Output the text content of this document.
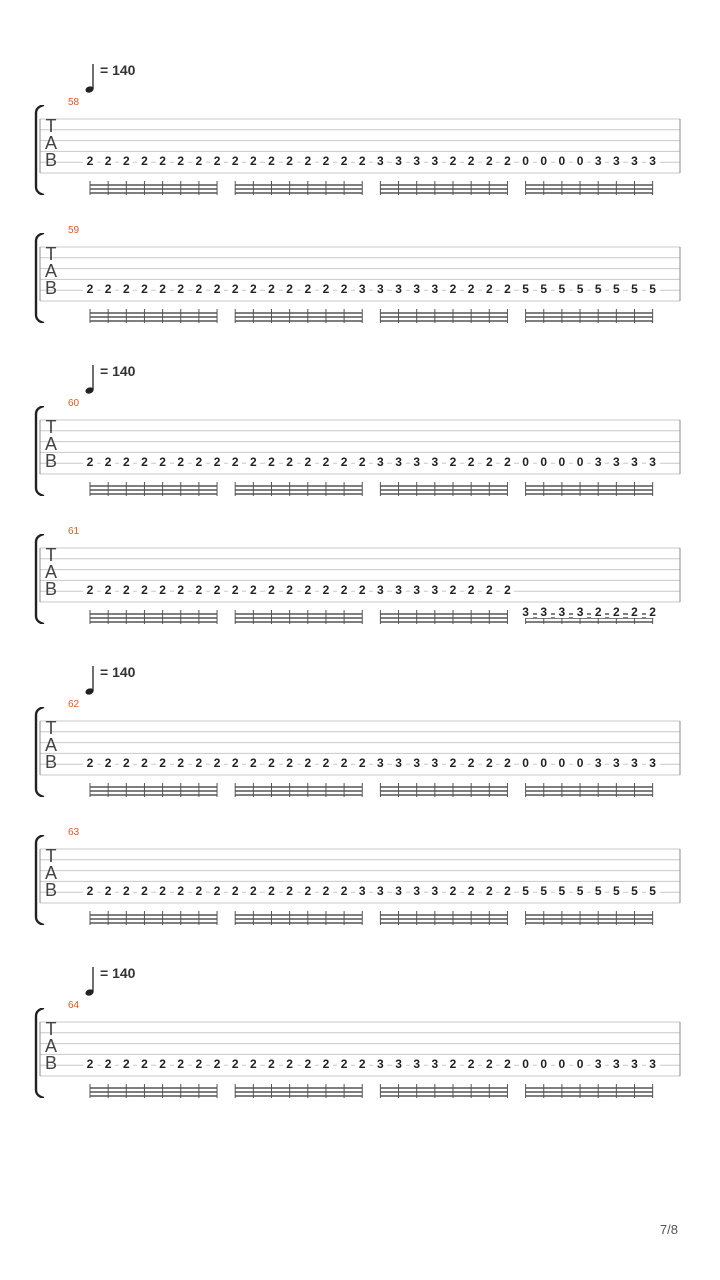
= 140
58
T
A
B	2 2 2 2 2 2 2 2 2 2 2 2 2 2 2 2 3 3 3 3 2 2 2 2 0 0 0 0 3 3 3 3
59
T
A
B	2 2 2 2 2 2 2 2 2 2 2 2 2 2 2 3 3 3 3 3 2 2 2 2 5 5 5 5 5 5 5 5
= 140
60
T
A
B	2 2 2 2 2 2 2 2 2 2 2 2 2 2 2 2 3 3 3 3 2 2 2 2 0 0 0 0 3 3 3 3
61
T
A
B	2 2 2 2 2 2 2 2 2 2 2 2 2 2 2 2 3 3 3 3 2 2 2 2
3 3 3 3 2 2 2 2
= 140
62
T
A
B	2 2 2 2 2 2 2 2 2 2 2 2 2 2 2 2 3 3 3 3 2 2 2 2 0 0 0 0 3 3 3 3
63
T
A
B	2 2 2 2 2 2 2 2 2 2 2 2 2 2 2 3 3 3 3 3 2 2 2 2 5 5 5 5 5 5 5 5
= 140
64
T
A
B	2 2 2 2 2 2 2 2 2 2 2 2 2 2 2 2 3 3 3 3 2 2 2 2 0 0 0 0 3 3 3 3
7/8
